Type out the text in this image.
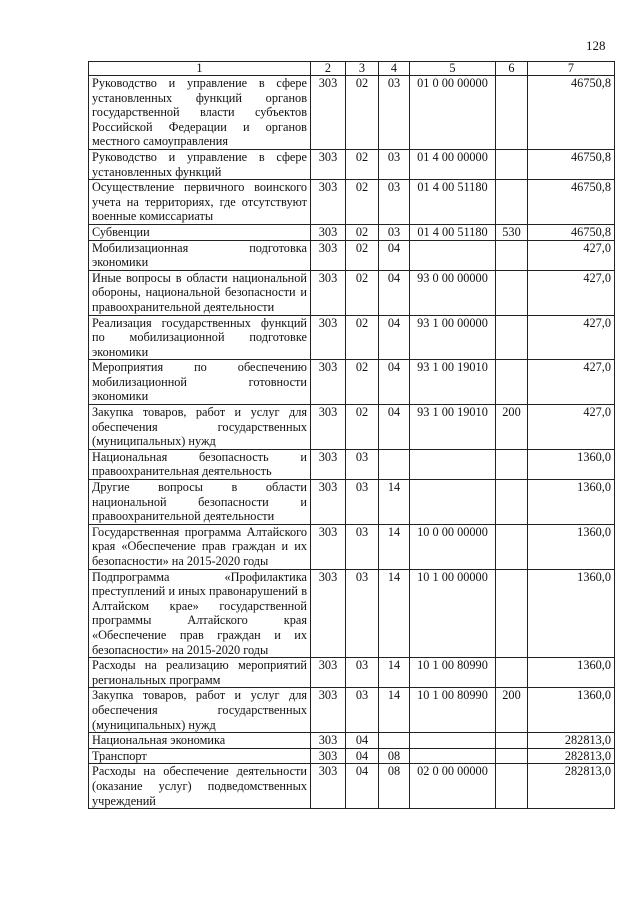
128
1	2	3	4	5	6	7
Руководство и управление в сфере установленных функций органов государственной власти субъектов Российской Федерации и органов местного самоуправления	303	02	03	01 0 00 00000		46750,8
Руководство и управление в сфере установленных функций	303	02	03	01 4 00 00000		46750,8
Осуществление первичного воинского учета на территориях, где отсутствуют военные комиссариаты	303	02	03	01 4 00 51180		46750,8
Субвенции	303	02	03	01 4 00 51180	530	46750,8
Мобилизационная подготовка экономики	303	02	04			427,0
Иные вопросы в области национальной обороны, национальной безопасности и правоохранительной деятельности	303	02	04	93 0 00 00000		427,0
Реализация государственных функций по мобилизационной подготовке экономики	303	02	04	93 1 00 00000		427,0
Мероприятия по обеспечению мобилизационной готовности экономики	303	02	04	93 1 00 19010		427,0
Закупка товаров, работ и услуг для обеспечения государственных (муниципальных) нужд	303	02	04	93 1 00 19010	200	427,0
Национальная безопасность и правоохранительная деятельность	303	03				1360,0
Другие вопросы в области национальной безопасности и правоохранительной деятельности	303	03	14			1360,0
Государственная программа Алтайского края «Обеспечение прав граждан и их безопасности» на 2015-2020 годы	303	03	14	10 0 00 00000		1360,0
Подпрограмма «Профилактика преступлений и иных правонарушений в Алтайском крае» государственной программы Алтайского края «Обеспечение прав граждан и их безопасности» на 2015-2020 годы	303	03	14	10 1 00 00000		1360,0
Расходы на реализацию мероприятий региональных программ	303	03	14	10 1 00 80990		1360,0
Закупка товаров, работ и услуг для обеспечения государственных (муниципальных) нужд	303	03	14	10 1 00 80990	200	1360,0
Национальная экономика	303	04				282813,0
Транспорт	303	04	08			282813,0
Расходы на обеспечение деятельности (оказание услуг) подведомственных учреждений	303	04	08	02 0 00 00000		282813,0
